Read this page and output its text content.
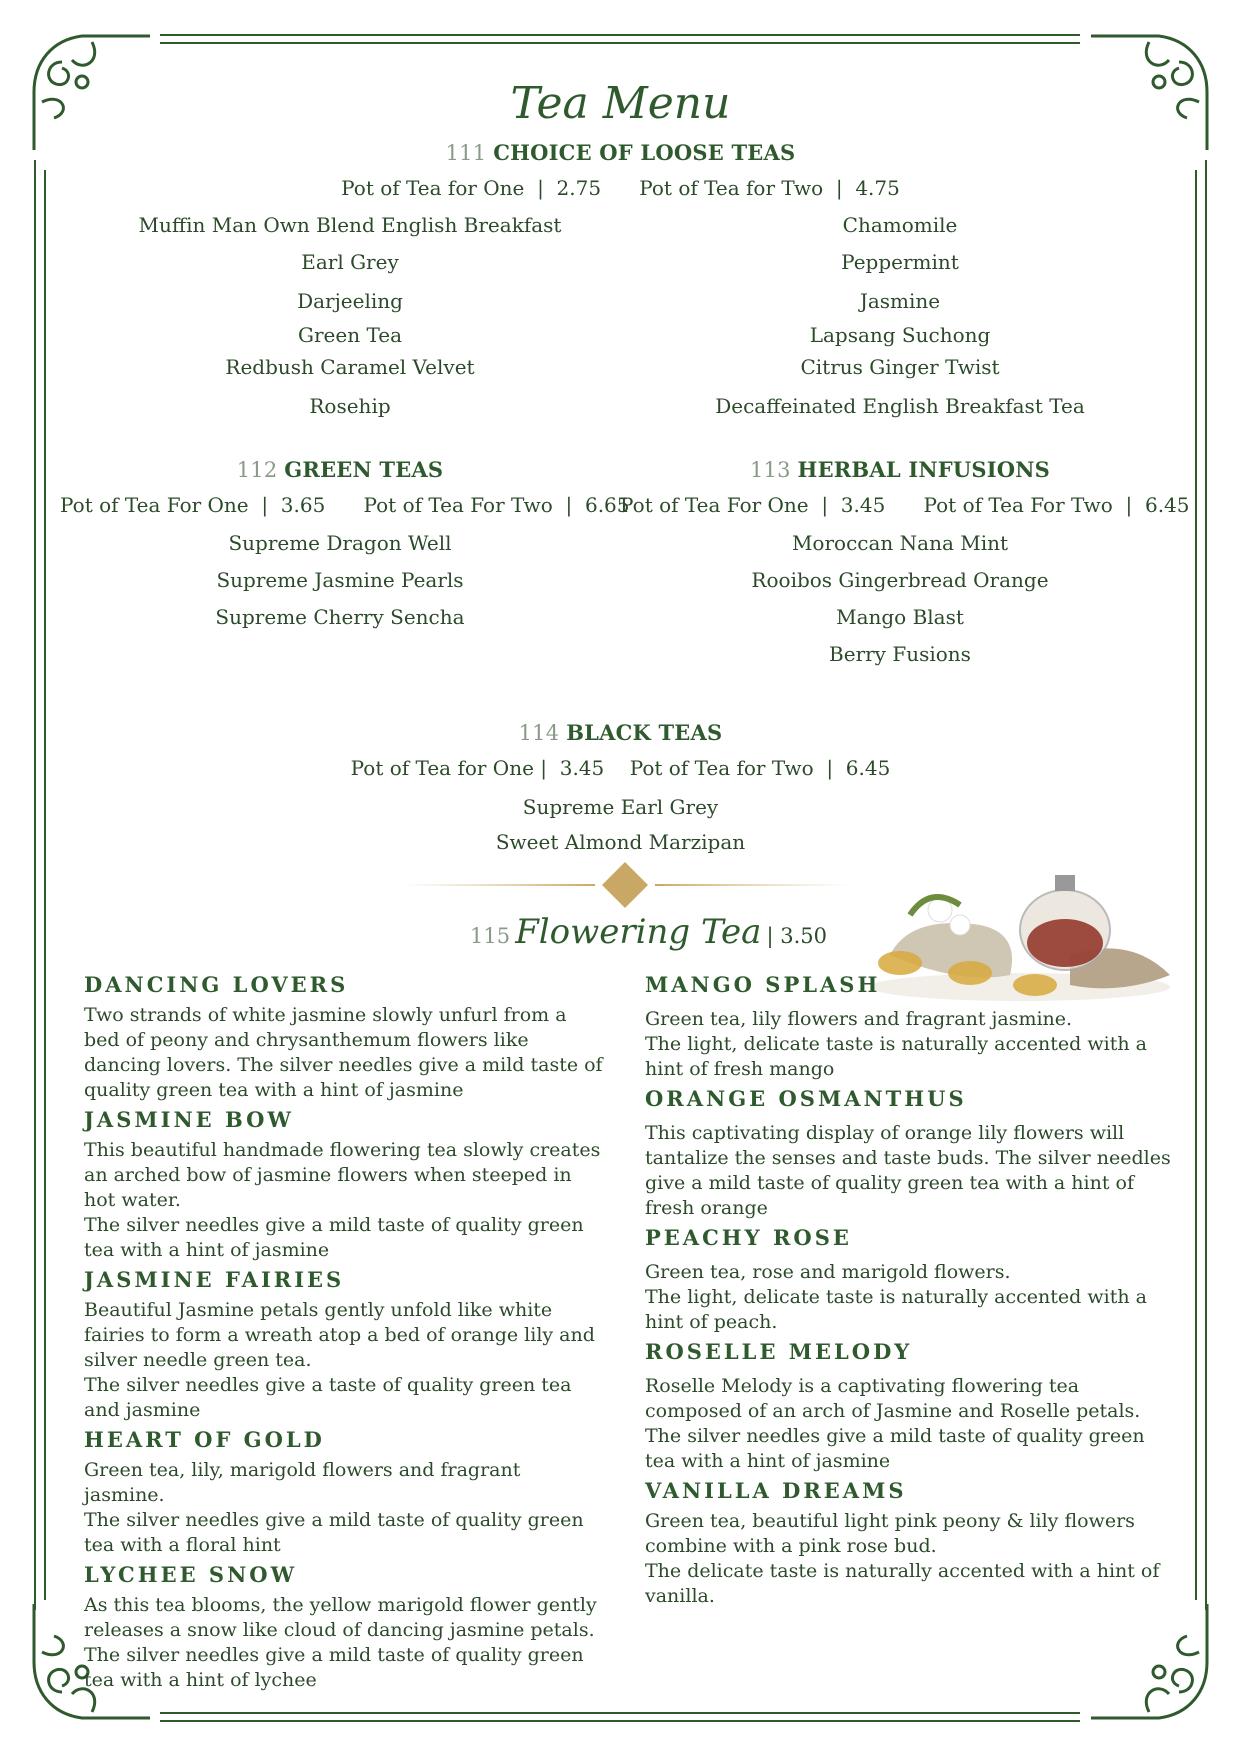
Tea Menu
111 CHOICE OF LOOSE TEAS
Pot of Tea for One  |  2.75      Pot of Tea for Two  |  4.75
Muffin Man Own Blend English Breakfast
Earl Grey
Darjeeling
Green Tea
Redbush Caramel Velvet
Rosehip
Chamomile
Peppermint
Jasmine
Lapsang Suchong
Citrus Ginger Twist
Decaffeinated English Breakfast Tea
112 GREEN TEAS
Pot of Tea For One  |  3.65      Pot of Tea For Two  |  6.65
Supreme Dragon Well
Supreme Jasmine Pearls
Supreme Cherry Sencha
113 HERBAL INFUSIONS
Pot of Tea For One  |  3.45      Pot of Tea For Two  |  6.45
Moroccan Nana Mint
Rooibos Gingerbread Orange
Mango Blast
Berry Fusions
114 BLACK TEAS
Pot of Tea for One |  3.45    Pot of Tea for Two  |  6.45
Supreme Earl Grey
Sweet Almond Marzipan
115 Flowering Tea | 3.50
DANCING LOVERS
Two strands of white jasmine slowly unfurl from a bed of peony and chrysanthemum flowers like dancing lovers. The silver needles give a mild taste of quality green tea with a hint of jasmine
JASMINE BOW
This beautiful handmade flowering tea slowly creates an arched bow of jasmine flowers when steeped in hot water.
The silver needles give a mild taste of quality green tea with a hint of jasmine
JASMINE FAIRIES
Beautiful Jasmine petals gently unfold like white fairies to form a wreath atop a bed of orange lily and silver needle green tea.
The silver needles give a taste of quality green tea and jasmine
HEART OF GOLD
Green tea, lily, marigold flowers and fragrant jasmine.
The silver needles give a mild taste of quality green tea with a floral hint
LYCHEE SNOW
As this tea blooms, the yellow marigold flower gently releases a snow like cloud of dancing jasmine petals.
The silver needles give a mild taste of quality green tea with a hint of lychee
MANGO SPLASH
Green tea, lily flowers and fragrant jasmine.
The light, delicate taste is naturally accented with a hint of fresh mango
ORANGE OSMANTHUS
This captivating display of orange lily flowers will tantalize the senses and taste buds. The silver needles give a mild taste of quality green tea with a hint of fresh orange
PEACHY ROSE
Green tea, rose and marigold flowers.
The light, delicate taste is naturally accented with a hint of peach.
ROSELLE MELODY
Roselle Melody is a captivating flowering tea composed of an arch of Jasmine and Roselle petals.
The silver needles give a mild taste of quality green tea with a hint of jasmine
VANILLA DREAMS
Green tea, beautiful light pink peony & lily flowers combine with a pink rose bud.
The delicate taste is naturally accented with a hint of vanilla.
